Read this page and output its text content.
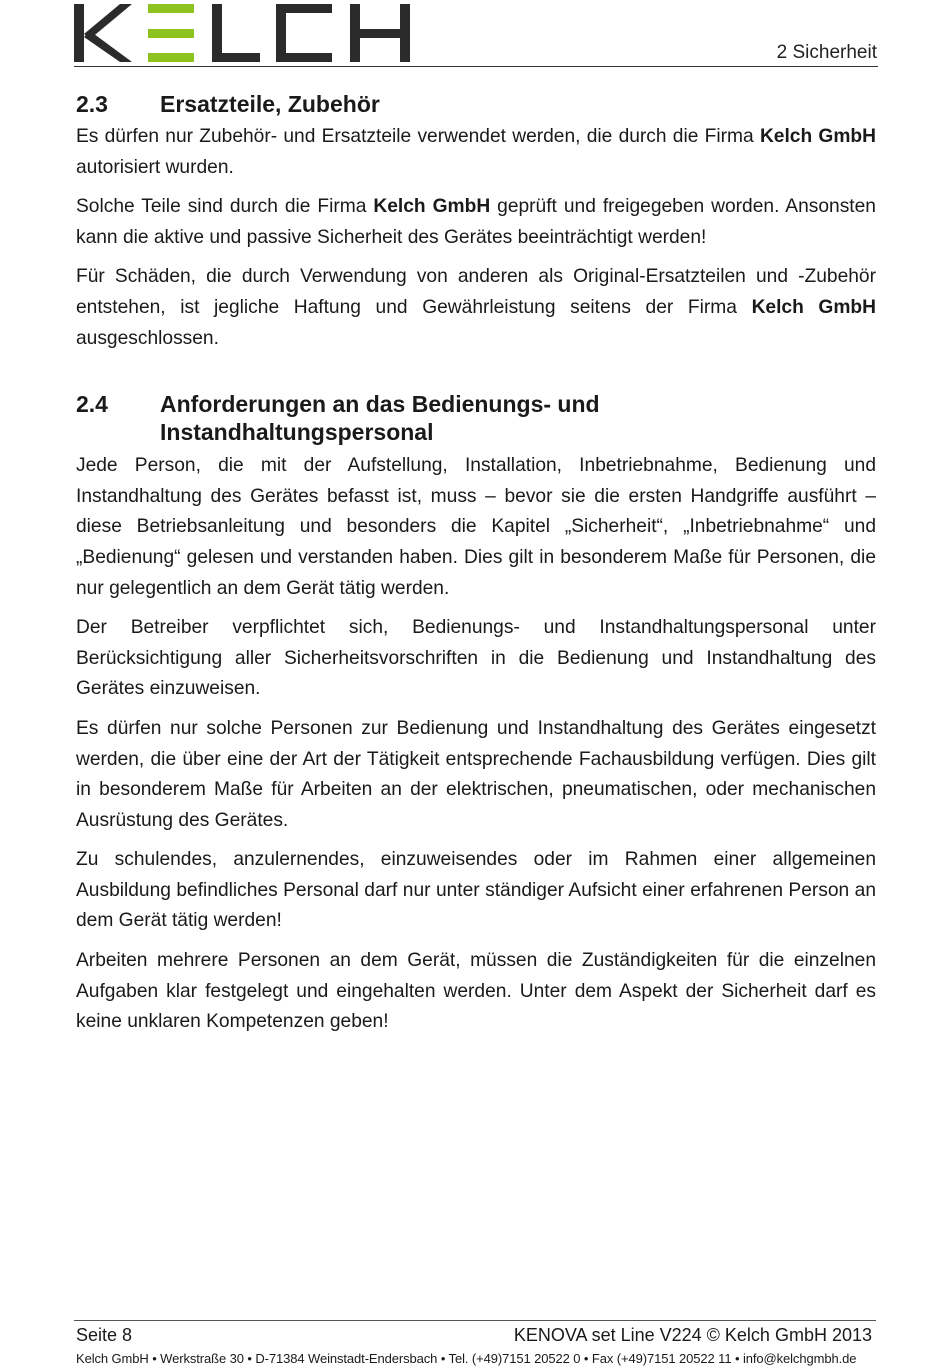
2 Sicherheit
2.3	Ersatzteile, Zubehör

Es dürfen nur Zubehör- und Ersatzteile verwendet werden, die durch die Firma Kelch GmbH autorisiert wurden.

Solche Teile sind durch die Firma Kelch GmbH geprüft und freigegeben worden. Ansonsten kann die aktive und passive Sicherheit des Gerätes beeinträchtigt werden!

Für Schäden, die durch Verwendung von anderen als Original-Ersatzteilen und -Zubehör entstehen, ist jegliche Haftung und Gewährleistung seitens der Firma Kelch GmbH ausgeschlossen.

2.4	Anforderungen an das Bedienungs- und Instandhaltungspersonal

Jede Person, die mit der Aufstellung, Installation, Inbetriebnahme, Bedienung und Instandhaltung des Gerätes befasst ist, muss – bevor sie die ersten Handgriffe ausführt – diese Betriebsanleitung und besonders die Kapitel „Sicherheit“, „Inbetriebnahme“ und „Bedienung“ gelesen und verstanden haben. Dies gilt in besonderem Maße für Personen, die nur gelegentlich an dem Gerät tätig werden.

Der Betreiber verpflichtet sich, Bedienungs- und Instandhaltungspersonal unter Berücksichtigung aller Sicherheitsvorschriften in die Bedienung und Instandhaltung des Gerätes einzuweisen.

Es dürfen nur solche Personen zur Bedienung und Instandhaltung des Gerätes eingesetzt werden, die über eine der Art der Tätigkeit entsprechende Fachausbildung verfügen. Dies gilt in besonderem Maße für Arbeiten an der elektrischen, pneumatischen, oder mechanischen Ausrüstung des Gerätes.

Zu schulendes, anzulernendes, einzuweisendes oder im Rahmen einer allgemeinen Ausbildung befindliches Personal darf nur unter ständiger Aufsicht einer erfahrenen Person an dem Gerät tätig werden!

Arbeiten mehrere Personen an dem Gerät, müssen die Zuständigkeiten für die einzelnen Aufgaben klar festgelegt und eingehalten werden. Unter dem Aspekt der Sicherheit darf es keine unklaren Kompetenzen geben!

Seite 8	KENOVA set Line V224 © Kelch GmbH 2013
Kelch GmbH • Werkstraße 30 • D-71384 Weinstadt-Endersbach • Tel. (+49)7151 20522 0 • Fax (+49)7151 20522 11 • info@kelchgmbh.de
